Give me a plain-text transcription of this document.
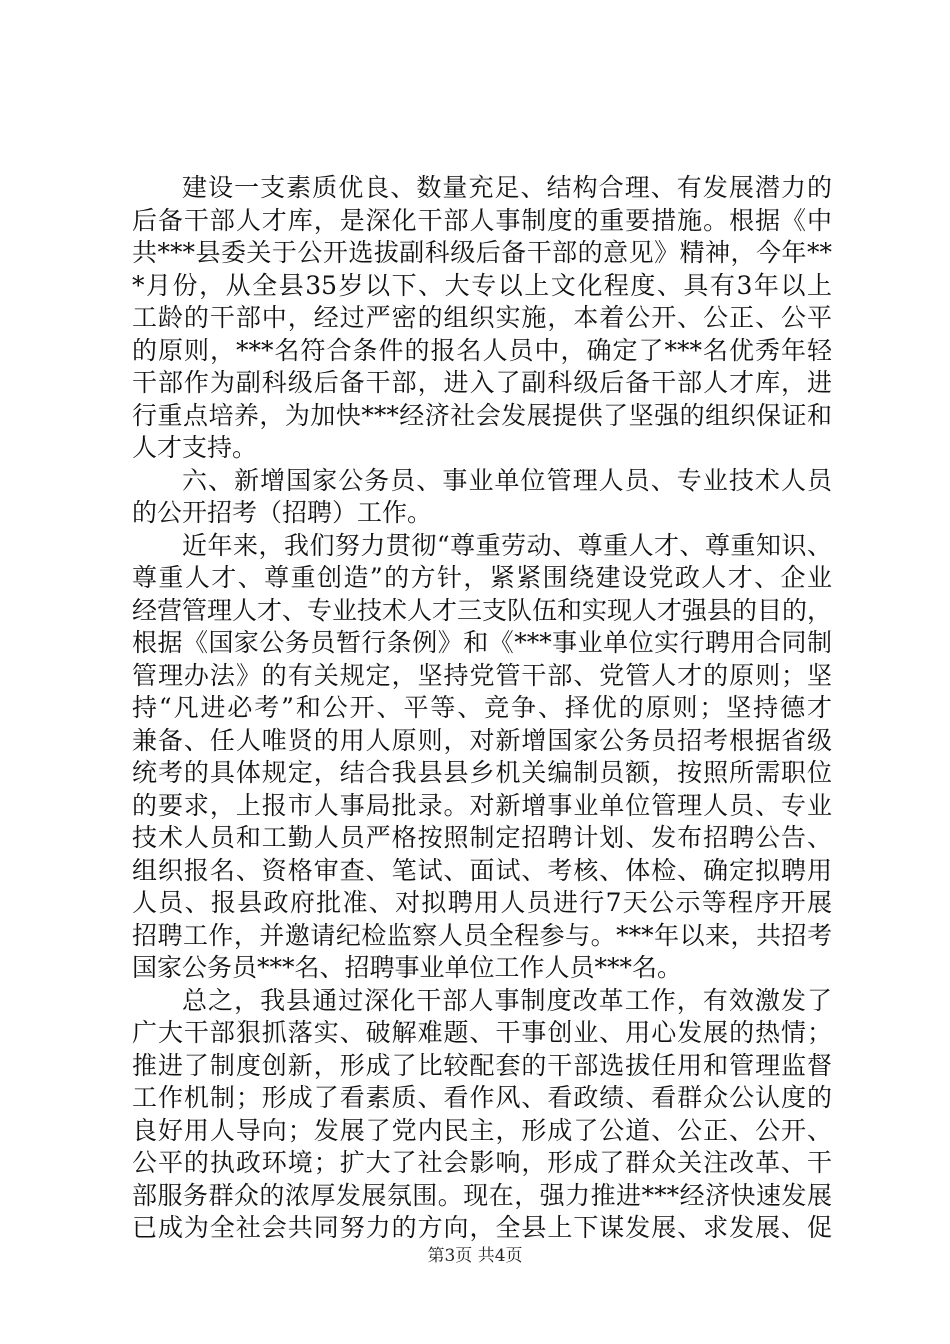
建设一支素质优良、数量充足、结构合理、有发展潜力的
后备干部人才库，是深化干部人事制度的重要措施。根据《中
共***县委关于公开选拔副科级后备干部的意见》精神，今年**
*月份，从全县35岁以下、大专以上文化程度、具有3年以上
工龄的干部中，经过严密的组织实施，本着公开、公正、公平
的原则，***名符合条件的报名人员中，确定了***名优秀年轻
干部作为副科级后备干部，进入了副科级后备干部人才库，进
行重点培养，为加快***经济社会发展提供了坚强的组织保证和
人才支持。
六、新增国家公务员、事业单位管理人员、专业技术人员
的公开招考（招聘）工作。
近年来，我们努力贯彻“尊重劳动、尊重人才、尊重知识、
尊重人才、尊重创造”的方针，紧紧围绕建设党政人才、企业
经营管理人才、专业技术人才三支队伍和实现人才强县的目的，
根据《国家公务员暂行条例》和《***事业单位实行聘用合同制
管理办法》的有关规定，坚持党管干部、党管人才的原则；坚
持“凡进必考”和公开、平等、竞争、择优的原则；坚持德才
兼备、任人唯贤的用人原则，对新增国家公务员招考根据省级
统考的具体规定，结合我县县乡机关编制员额，按照所需职位
的要求，上报市人事局批录。对新增事业单位管理人员、专业
技术人员和工勤人员严格按照制定招聘计划、发布招聘公告、
组织报名、资格审查、笔试、面试、考核、体检、确定拟聘用
人员、报县政府批准、对拟聘用人员进行7天公示等程序开展
招聘工作，并邀请纪检监察人员全程参与。***年以来，共招考
国家公务员***名、招聘事业单位工作人员***名。
总之，我县通过深化干部人事制度改革工作，有效激发了
广大干部狠抓落实、破解难题、干事创业、用心发展的热情；
推进了制度创新，形成了比较配套的干部选拔任用和管理监督
工作机制；形成了看素质、看作风、看政绩、看群众公认度的
良好用人导向；发展了党内民主，形成了公道、公正、公开、
公平的执政环境；扩大了社会影响，形成了群众关注改革、干
部服务群众的浓厚发展氛围。现在，强力推进***经济快速发展
已成为全社会共同努力的方向，全县上下谋发展、求发展、促
第3页 共4页
